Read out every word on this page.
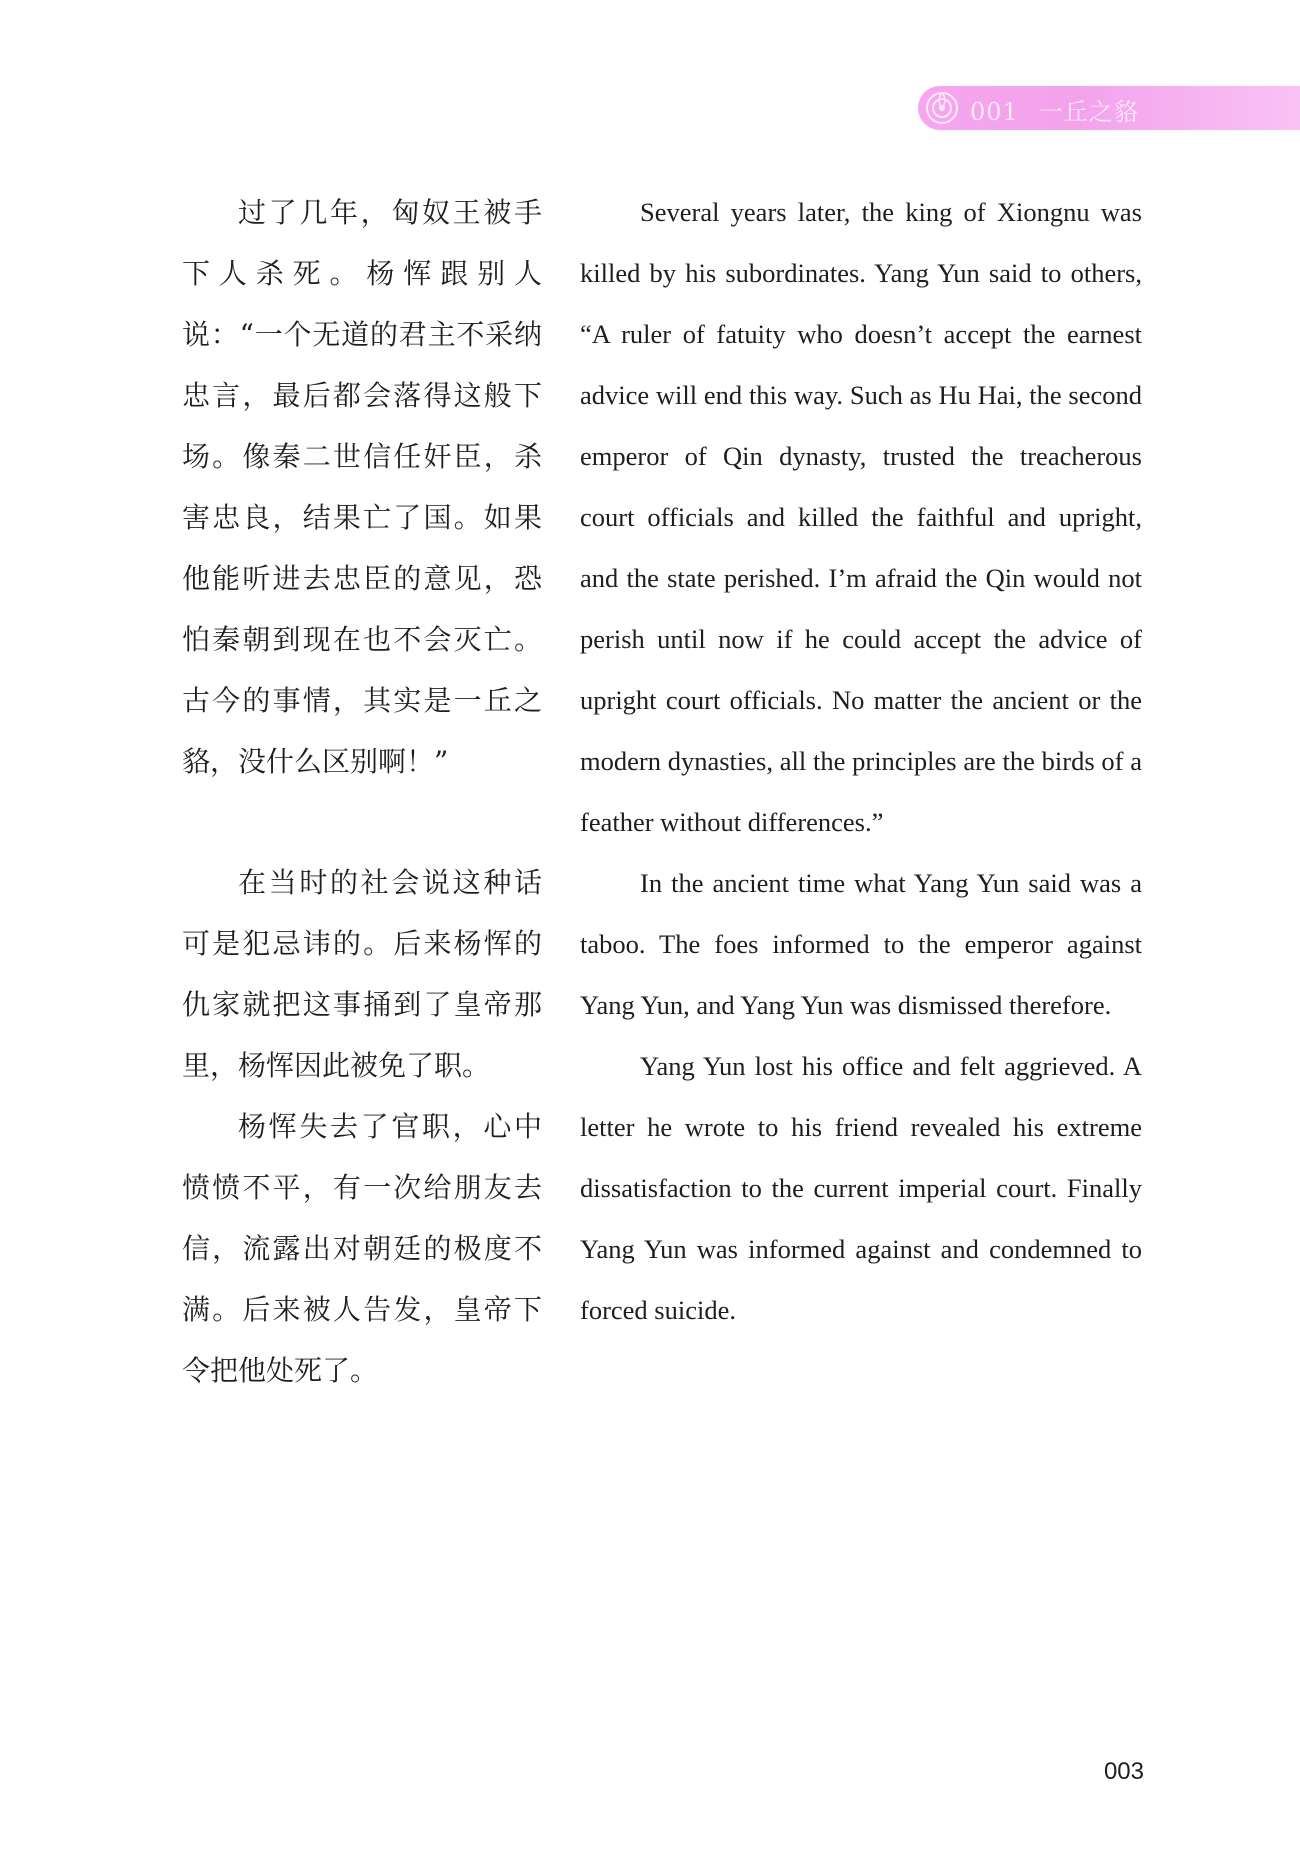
001 一丘之貉

过了几年，匈奴王被手下人杀死。杨恽跟别人说：“一个无道的君主不采纳忠言，最后都会落得这般下场。像秦二世信任奸臣，杀害忠良，结果亡了国。如果他能听进去忠臣的意见，恐怕秦朝到现在也不会灭亡。古今的事情，其实是一丘之貉，没什么区别啊！”

在当时的社会说这种话可是犯忌讳的。后来杨恽的仇家就把这事捅到了皇帝那里，杨恽因此被免了职。

杨恽失去了官职，心中愤愤不平，有一次给朋友去信，流露出对朝廷的极度不满。后来被人告发，皇帝下令把他处死了。

Several years later, the king of Xiongnu was killed by his subordinates. Yang Yun said to others, “A ruler of fatuity who doesn’t accept the earnest advice will end this way. Such as Hu Hai, the second emperor of Qin dynasty, trusted the treacherous court officials and killed the faithful and upright, and the state perished. I’m afraid the Qin would not perish until now if he could accept the advice of upright court officials. No matter the ancient or the modern dynasties, all the principles are the birds of a feather without differences.”

In the ancient time what Yang Yun said was a taboo. The foes informed to the emperor against Yang Yun, and Yang Yun was dismissed therefore.

Yang Yun lost his office and felt aggrieved. A letter he wrote to his friend revealed his extreme dissatisfaction to the current imperial court. Finally Yang Yun was informed against and condemned to forced suicide.

003
